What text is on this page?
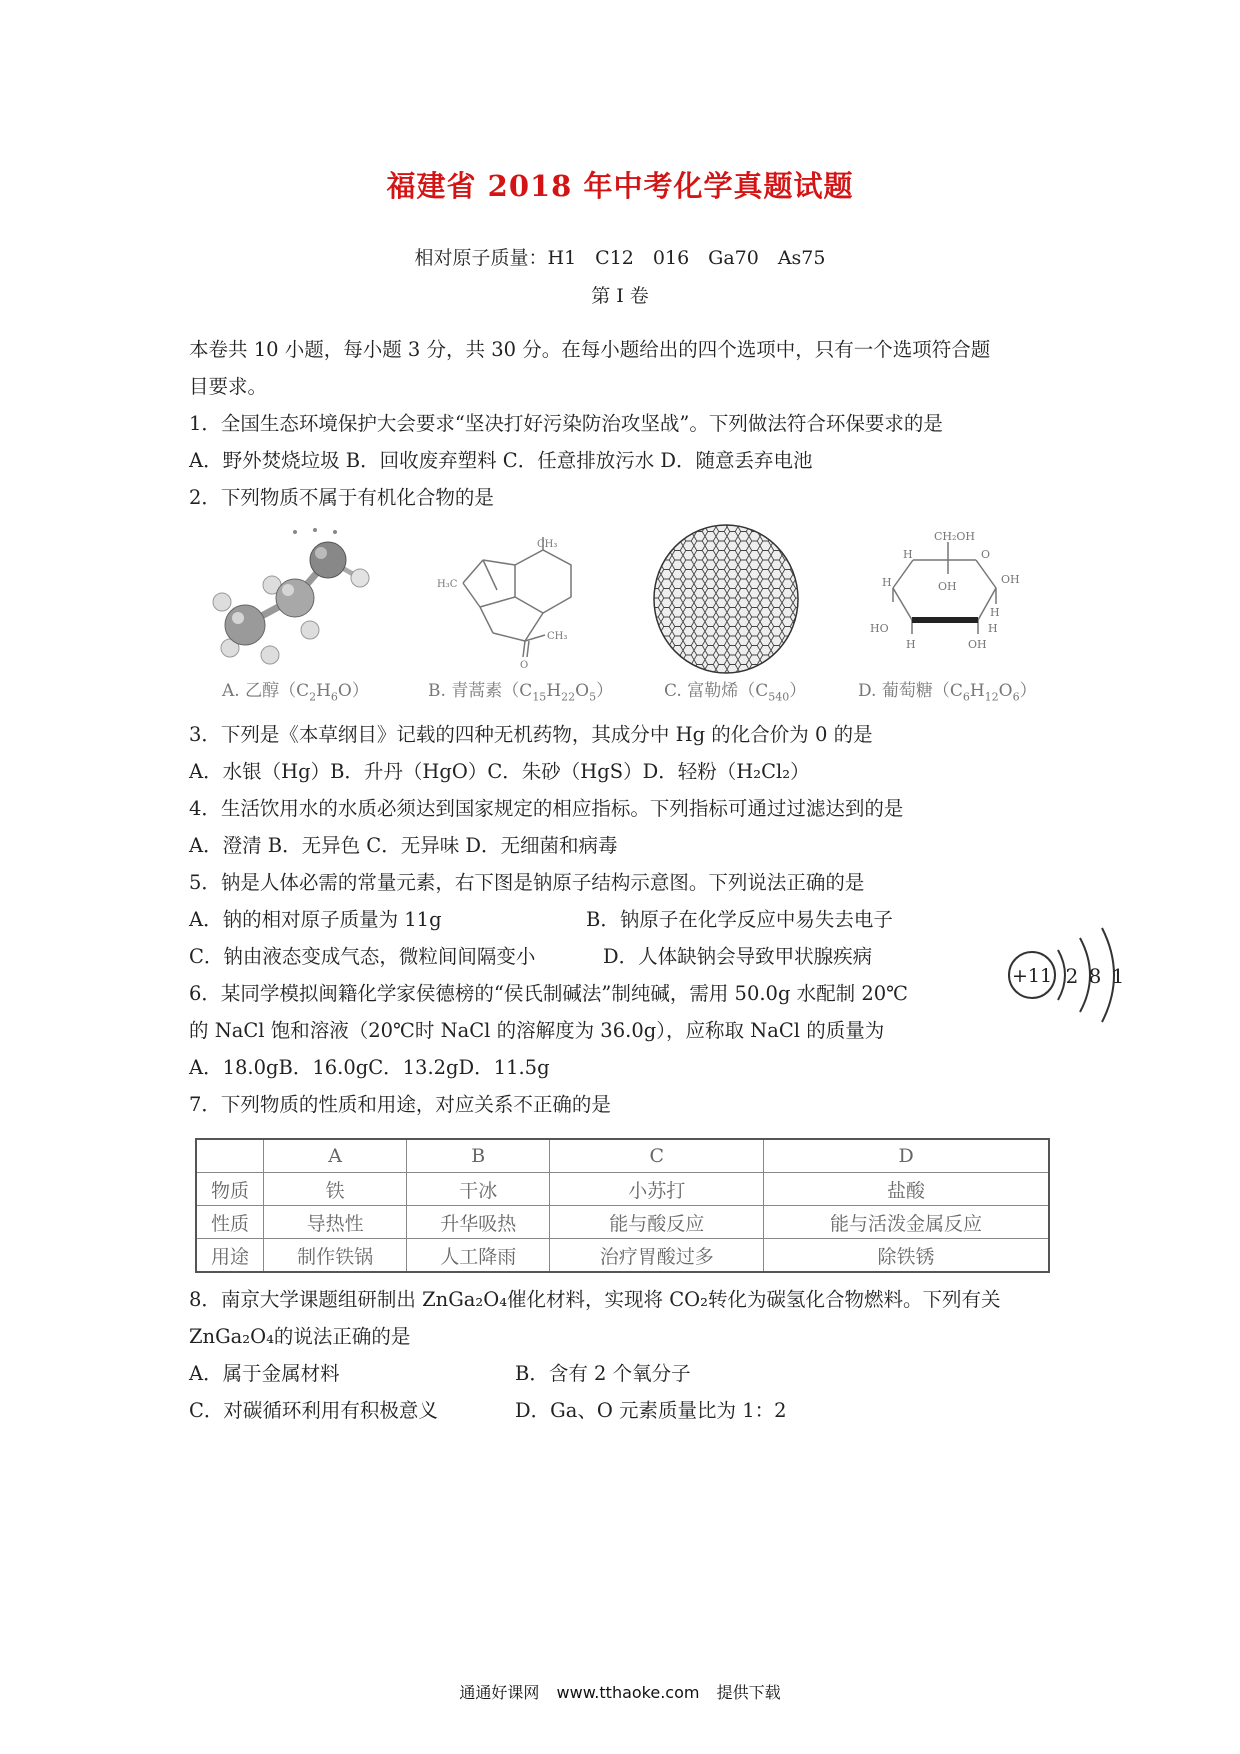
福建省 2018 年中考化学真题试题
相对原子质量：H1　C12　016　Ga70　As75
第 I 卷
本卷共 10 小题，每小题 3 分，共 30 分。在每小题给出的四个选项中，只有一个选项符合题
目要求。
1．全国生态环境保护大会要求“坚决打好污染防治攻坚战”。下列做法符合环保要求的是
A．野外焚烧垃圾 B．回收废弃塑料 C．任意排放污水 D．随意丢弃电池
2．下列物质不属于有机化合物的是
CH₃
H₃C
CH₃
O
CH₂OH
H	O
OH
H	OH
H
HO	H
H	OH
A. 乙醇$(C_2H_6O)$	B. 青蒿素$(C_{15}H_{22}O_5)$	C. 富勒烯$(C_{540})$	D. 葡萄糖$(C_6H_{12}O_6)$
3．下列是《本草纲目》记载的四种无机药物，其成分中 Hg 的化合价为 0 的是
A．水银（Hg）B．升丹（HgO）C．朱砂（HgS）D．轻粉（H₂Cl₂）
4．生活饮用水的水质必须达到国家规定的相应指标。下列指标可通过过滤达到的是
A．澄清 B．无异色 C．无异味 D．无细菌和病毒
5．钠是人体必需的常量元素，右下图是钠原子结构示意图。下列说法正确的是
A．钠的相对原子质量为 11g	B．钠原子在化学反应中易失去电子
C．钠由液态变成气态，微粒间间隔变小	D．人体缺钠会导致甲状腺疾病
+11 2 8 1
6．某同学模拟闽籍化学家侯德榜的“侯氏制碱法”制纯碱，需用 50.0g 水配制 20℃
的 NaCl 饱和溶液（20℃时 NaCl 的溶解度为 36.0g），应称取 NaCl 的质量为
A．18.0gB．16.0gC．13.2gD．11.5g
7．下列物质的性质和用途，对应关系不正确的是
	A	B	C	D
物质	铁	干冰	小苏打	盐酸
性质	导热性	升华吸热	能与酸反应	能与活泼金属反应
用途	制作铁锅	人工降雨	治疗胃酸过多	除铁锈
8．南京大学课题组研制出 ZnGa₂O₄催化材料，实现将 CO₂转化为碳氢化合物燃料。下列有关
ZnGa₂O₄的说法正确的是
A．属于金属材料	B．含有 2 个氧分子
C．对碳循环利用有积极意义	D．Ga、O 元素质量比为 1：2
通通好课网 www.tthaoke.com 提供下载
